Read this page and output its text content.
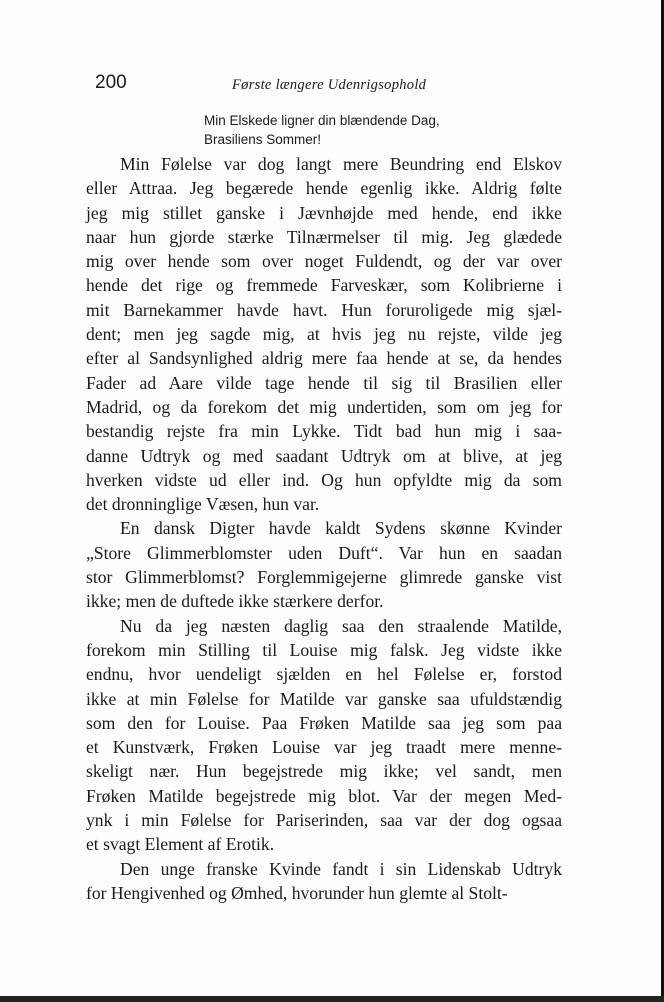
200	Første længere Udenrigsophold
Min Elskede ligner din blændende Dag,
Brasiliens Sommer!
Min Følelse var dog langt mere Beundring end Elskov
eller Attraa. Jeg begærede hende egenlig ikke. Aldrig følte
jeg mig stillet ganske i Jævnhøjde med hende, end ikke
naar hun gjorde stærke Tilnærmelser til mig. Jeg glædede
mig over hende som over noget Fuldendt, og der var over
hende det rige og fremmede Farveskær, som Kolibrierne i
mit Barnekammer havde havt. Hun foruroligede mig sjæl-
dent; men jeg sagde mig, at hvis jeg nu rejste, vilde jeg
efter al Sandsynlighed aldrig mere faa hende at se, da hendes
Fader ad Aare vilde tage hende til sig til Brasilien eller
Madrid, og da forekom det mig undertiden, som om jeg for
bestandig rejste fra min Lykke. Tidt bad hun mig i saa-
danne Udtryk og med saadant Udtryk om at blive, at jeg
hverken vidste ud eller ind. Og hun opfyldte mig da som
det dronninglige Væsen, hun var.
En dansk Digter havde kaldt Sydens skønne Kvinder
„Store Glimmerblomster uden Duft“. Var hun en saadan
stor Glimmerblomst? Forglemmigejerne glimrede ganske vist
ikke; men de duftede ikke stærkere derfor.
Nu da jeg næsten daglig saa den straalende Matilde,
forekom min Stilling til Louise mig falsk. Jeg vidste ikke
endnu, hvor uendeligt sjælden en hel Følelse er, forstod
ikke at min Følelse for Matilde var ganske saa ufuldstændig
som den for Louise. Paa Frøken Matilde saa jeg som paa
et Kunstværk, Frøken Louise var jeg traadt mere menne-
skeligt nær. Hun begejstrede mig ikke; vel sandt, men
Frøken Matilde begejstrede mig blot. Var der megen Med-
ynk i min Følelse for Pariserinden, saa var der dog ogsaa
et svagt Element af Erotik.
Den unge franske Kvinde fandt i sin Lidenskab Udtryk
for Hengivenhed og Ømhed, hvorunder hun glemte al Stolt-
